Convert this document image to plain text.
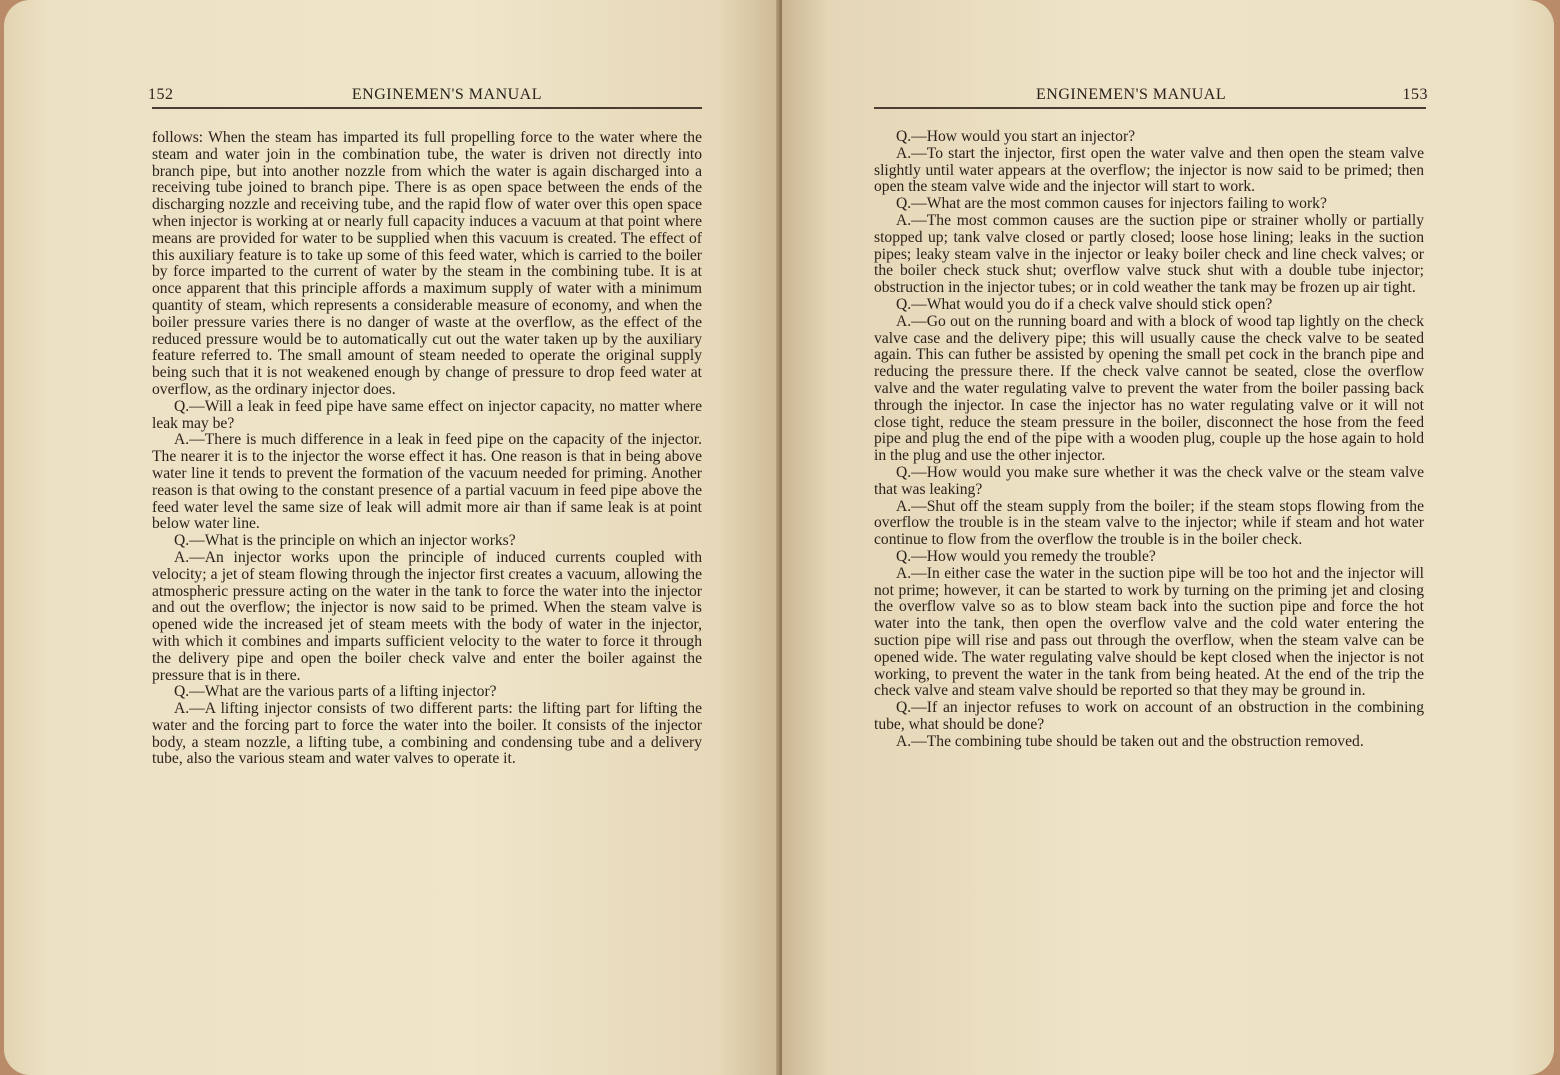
152	ENGINEMEN'S MANUAL

follows: When the steam has imparted its full propelling force to the water where the steam and water join in the combination tube, the water is driven not directly into branch pipe, but into another nozzle from which the water is again discharged into a receiving tube joined to branch pipe. There is as open space between the ends of the discharging nozzle and receiving tube, and the rapid flow of water over this open space when injector is working at or nearly full capacity induces a vacuum at that point where means are provided for water to be supplied when this vacuum is created. The effect of this auxiliary feature is to take up some of this feed water, which is carried to the boiler by force imparted to the current of water by the steam in the combining tube. It is at once apparent that this principle affords a maximum supply of water with a minimum quantity of steam, which represents a considerable measure of economy, and when the boiler pressure varies there is no danger of waste at the overflow, as the effect of the reduced pressure would be to automatically cut out the water taken up by the auxiliary feature referred to. The small amount of steam needed to operate the original supply being such that it is not weakened enough by change of pressure to drop feed water at overflow, as the ordinary injector does.

Q.—Will a leak in feed pipe have same effect on injector capacity, no matter where leak may be?

A.—There is much difference in a leak in feed pipe on the capacity of the injector. The nearer it is to the injector the worse effect it has. One reason is that in being above water line it tends to prevent the formation of the vacuum needed for priming. Another reason is that owing to the constant presence of a partial vacuum in feed pipe above the feed water level the same size of leak will admit more air than if same leak is at point below water line.

Q.—What is the principle on which an injector works?

A.—An injector works upon the principle of induced currents coupled with velocity; a jet of steam flowing through the injector first creates a vacuum, allowing the atmospheric pressure acting on the water in the tank to force the water into the injector and out the overflow; the injector is now said to be primed. When the steam valve is opened wide the increased jet of steam meets with the body of water in the injector, with which it combines and imparts sufficient velocity to the water to force it through the delivery pipe and open the boiler check valve and enter the boiler against the pressure that is in there.

Q.—What are the various parts of a lifting injector?

A.—A lifting injector consists of two different parts: the lifting part for lifting the water and the forcing part to force the water into the boiler. It consists of the injector body, a steam nozzle, a lifting tube, a combining and condensing tube and a delivery tube, also the various steam and water valves to operate it.

ENGINEMEN'S MANUAL	153

Q.—How would you start an injector?

A.—To start the injector, first open the water valve and then open the steam valve slightly until water appears at the overflow; the injector is now said to be primed; then open the steam valve wide and the injector will start to work.

Q.—What are the most common causes for injectors failing to work?

A.—The most common causes are the suction pipe or strainer wholly or partially stopped up; tank valve closed or partly closed; loose hose lining; leaks in the suction pipes; leaky steam valve in the injector or leaky boiler check and line check valves; or the boiler check stuck shut; overflow valve stuck shut with a double tube injector; obstruction in the injector tubes; or in cold weather the tank may be frozen up air tight.

Q.—What would you do if a check valve should stick open?

A.—Go out on the running board and with a block of wood tap lightly on the check valve case and the delivery pipe; this will usually cause the check valve to be seated again. This can futher be assisted by opening the small pet cock in the branch pipe and reducing the pressure there. If the check valve cannot be seated, close the overflow valve and the water regulating valve to prevent the water from the boiler passing back through the injector. In case the injector has no water regulating valve or it will not close tight, reduce the steam pressure in the boiler, disconnect the hose from the feed pipe and plug the end of the pipe with a wooden plug, couple up the hose again to hold in the plug and use the other injector.

Q.—How would you make sure whether it was the check valve or the steam valve that was leaking?

A.—Shut off the steam supply from the boiler; if the steam stops flowing from the overflow the trouble is in the steam valve to the injector; while if steam and hot water continue to flow from the overflow the trouble is in the boiler check.

Q.—How would you remedy the trouble?

A.—In either case the water in the suction pipe will be too hot and the injector will not prime; however, it can be started to work by turning on the priming jet and closing the overflow valve so as to blow steam back into the suction pipe and force the hot water into the tank, then open the overflow valve and the cold water entering the suction pipe will rise and pass out through the overflow, when the steam valve can be opened wide. The water regulating valve should be kept closed when the injector is not working, to prevent the water in the tank from being heated. At the end of the trip the check valve and steam valve should be reported so that they may be ground in.

Q.—If an injector refuses to work on account of an obstruction in the combining tube, what should be done?

A.—The combining tube should be taken out and the obstruction removed.
